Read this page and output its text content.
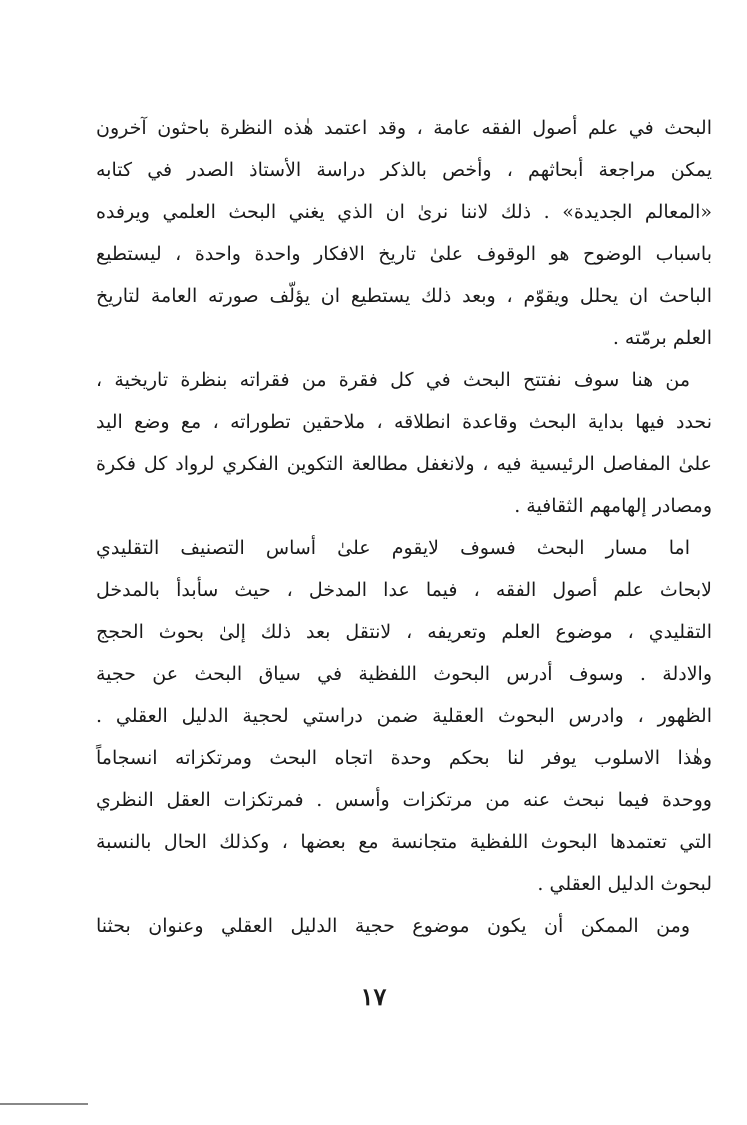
البحث في علم أصول الفقه عامة ، وقد اعتمد هٰذه النظرة باحثون آخرون
يمكن مراجعة أبحاثهم ، وأخص بالذكر دراسة الأستاذ الصدر في كتابه
«المعالم الجديدة» . ذلك لاننا نرىٰ ان الذي يغني البحث العلمي ويرفده
باسباب الوضوح هو الوقوف علىٰ تاريخ الافكار واحدة واحدة ، ليستطيع
الباحث ان يحلل ويقوّم ، وبعد ذلك يستطيع ان يؤلّف صورته العامة لتاريخ
العلم برمّته .
من هنا سوف نفتتح البحث في كل فقرة من فقراته بنظرة تاريخية ،
نحدد فيها بداية البحث وقاعدة انطلاقه ، ملاحقين تطوراته ، مع وضع اليد
علىٰ المفاصل الرئيسية فيه ، ولانغفل مطالعة التكوين الفكري لرواد كل فكرة
ومصادر إلهامهم الثقافية .
اما مسار البحث فسوف لايقوم علىٰ أساس التصنيف التقليدي
لابحاث علم أصول الفقه ، فيما عدا المدخل ، حيث سأبدأ بالمدخل
التقليدي ، موضوع العلم وتعريفه ، لانتقل بعد ذلك إلىٰ بحوث الحجج
والادلة . وسوف أدرس البحوث اللفظية في سياق البحث عن حجية
الظهور ، وادرس البحوث العقلية ضمن دراستي لحجية الدليل العقلي .
وهٰذا الاسلوب يوفر لنا بحكم وحدة اتجاه البحث ومرتكزاته انسجاماً
ووحدة فيما نبحث عنه من مرتكزات وأسس . فمرتكزات العقل النظري
التي تعتمدها البحوث اللفظية متجانسة مع بعضها ، وكذلك الحال بالنسبة
لبحوث الدليل العقلي .
ومن الممكن أن يكون موضوع حجية الدليل العقلي وعنوان بحثنا
١٧
